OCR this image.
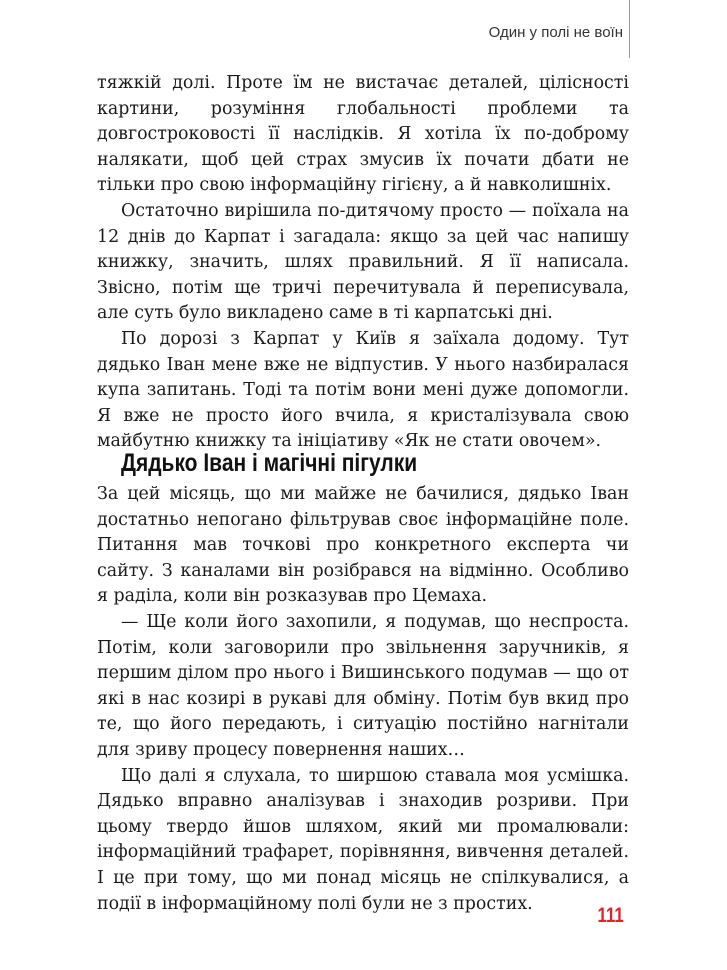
Один у полі не воїн

тяжкій долі. Проте їм не вистачає деталей, цілісності картини, розуміння глобальності проблеми та довгостроковості її наслідків. Я хотіла їх по-доброму налякати, щоб цей страх змусив їх почати дбати не тільки про свою інформаційну гігієну, а й навколишніх.

Остаточно вирішила по-дитячому просто — поїхала на 12 днів до Карпат і загадала: якщо за цей час напишу книжку, значить, шлях правильний. Я її написала. Звісно, потім ще тричі перечитувала й переписувала, але суть було викладено саме в ті карпатські дні.

По дорозі з Карпат у Київ я заїхала додому. Тут дядько Іван мене вже не відпустив. У нього назбиралася купа запитань. Тоді та потім вони мені дуже допомогли. Я вже не просто його вчила, я кристалізувала свою майбутню книжку та ініціативу «Як не стати овочем».

Дядько Іван і магічні пігулки

За цей місяць, що ми майже не бачилися, дядько Іван достатньо непогано фільтрував своє інформаційне поле. Питання мав точкові про конкретного експерта чи сайту. З каналами він розібрався на відмінно. Особливо я раділа, коли він розказував про Цемаха.

— Ще коли його захопили, я подумав, що неспроста. Потім, коли заговорили про звільнення заручників, я першим ділом про нього і Вишинського подумав — що от які в нас козирі в рукаві для обміну. Потім був вкид про те, що його передають, і ситуацію постійно нагнітали для зриву процесу повернення наших…

Що далі я слухала, то ширшою ставала моя усмішка. Дядько вправно аналізував і знаходив розриви. При цьому твердо йшов шляхом, який ми промалювали: інформаційний трафарет, порівняння, вивчення деталей. І це при тому, що ми понад місяць не спілкувалися, а події в інформаційному полі були не з простих.

111
